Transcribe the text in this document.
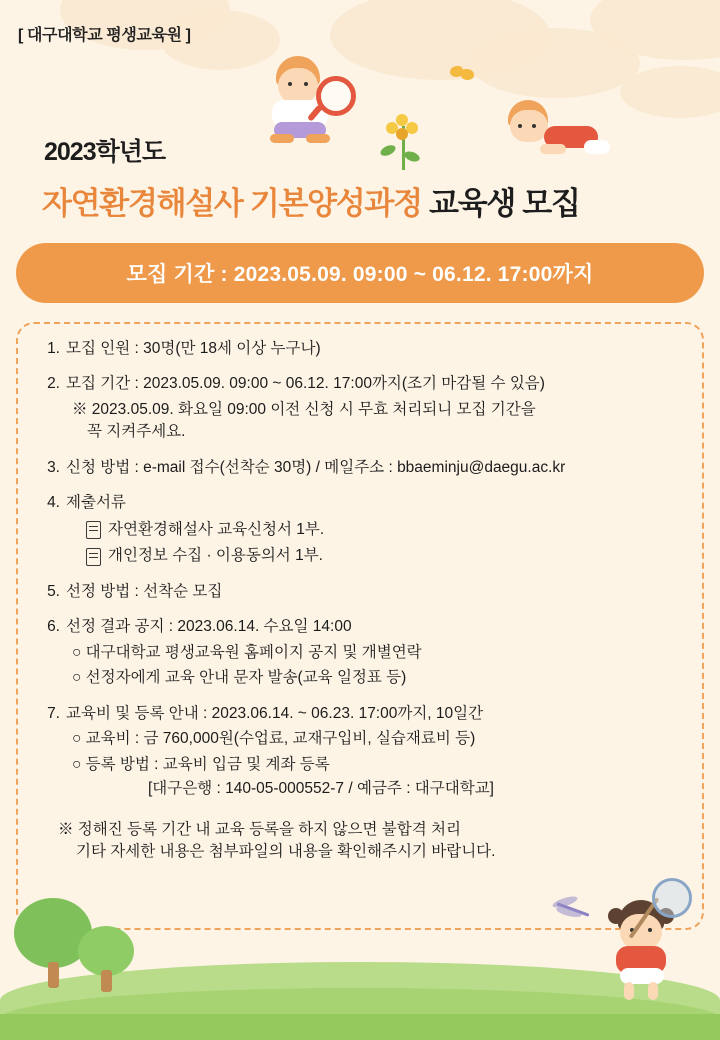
[ 대구대학교 평생교육원 ]
2023학년도
자연환경해설사 기본양성과정 교육생 모집
모집 기간 : 2023.05.09. 09:00 ~ 06.12. 17:00까지
1. 모집 인원 : 30명(만 18세 이상 누구나)
2. 모집 기간 : 2023.05.09. 09:00 ~ 06.12. 17:00까지(조기 마감될 수 있음)
※ 2023.05.09. 화요일 09:00 이전 신청 시 무효 처리되니 모집 기간을
꼭 지켜주세요.
3. 신청 방법 : e-mail 접수(선착순 30명) / 메일주소 : bbaeminju@daegu.ac.kr
4. 제출서류
자연환경해설사 교육신청서 1부.
개인정보 수집 · 이용동의서 1부.
5. 선정 방법 : 선착순 모집
6. 선정 결과 공지 : 2023.06.14. 수요일 14:00
○ 대구대학교 평생교육원 홈페이지 공지 및 개별연락
○ 선정자에게 교육 안내 문자 발송(교육 일정표 등)
7. 교육비 및 등록 안내 : 2023.06.14. ~ 06.23. 17:00까지, 10일간
○ 교육비 : 금 760,000원(수업료, 교재구입비, 실습재료비 등)
○ 등록 방법 : 교육비 입금 및 계좌 등록
[대구은행 : 140-05-000552-7 / 예금주 : 대구대학교]
※ 정해진 등록 기간 내 교육 등록을 하지 않으면 불합격 처리
기타 자세한 내용은 첨부파일의 내용을 확인해주시기 바랍니다.
